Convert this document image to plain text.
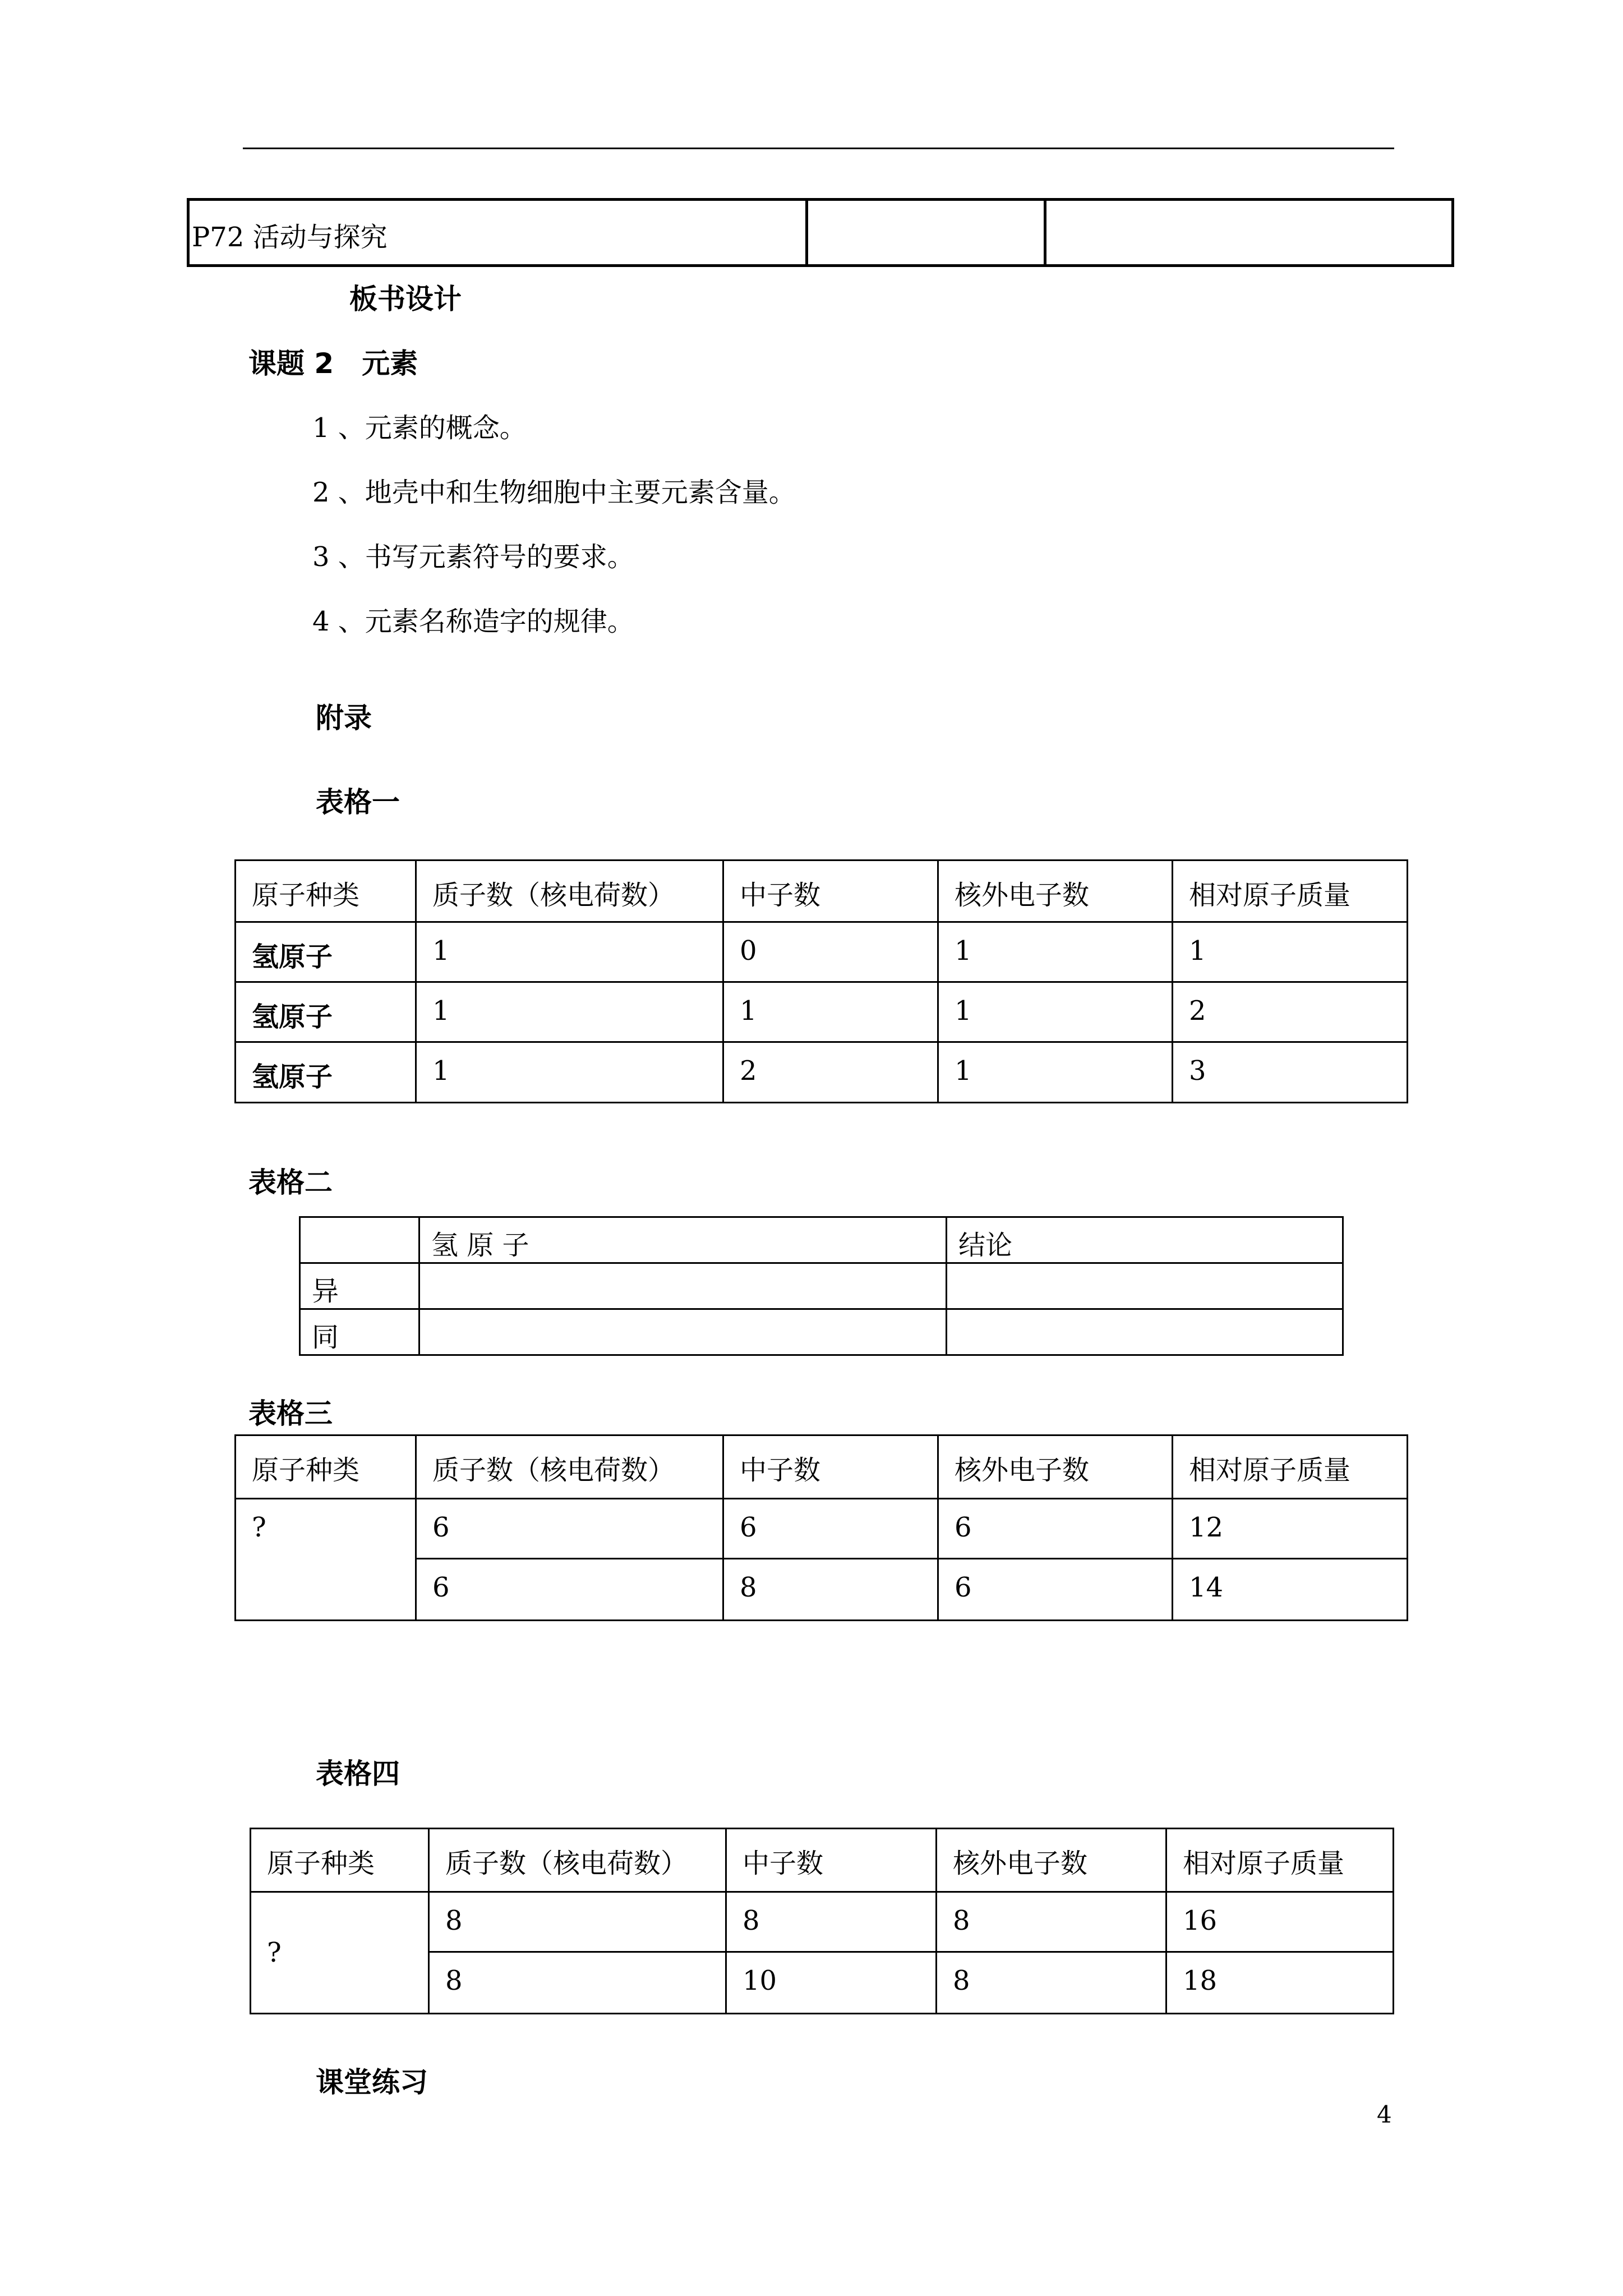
P72 活动与探究		
板书设计
课题 2　元素
1 、元素的概念。
2 、地壳中和生物细胞中主要元素含量。
3 、书写元素符号的要求。
4 、元素名称造字的规律。
附录
表格一
原子种类	质子数（核电荷数）	中子数	核外电子数	相对原子质量
氢原子	1	0	1	1
氢原子	1	1	1	2
氢原子	1	2	1	3
表格二
	氢 原 子	结论
异		
同		
表格三
原子种类	质子数（核电荷数）	中子数	核外电子数	相对原子质量
?	6	6	6	12
	6	8	6	14
表格四
原子种类	质子数（核电荷数）	中子数	核外电子数	相对原子质量
?	8	8	8	16
	8	10	8	18
课堂练习
4
